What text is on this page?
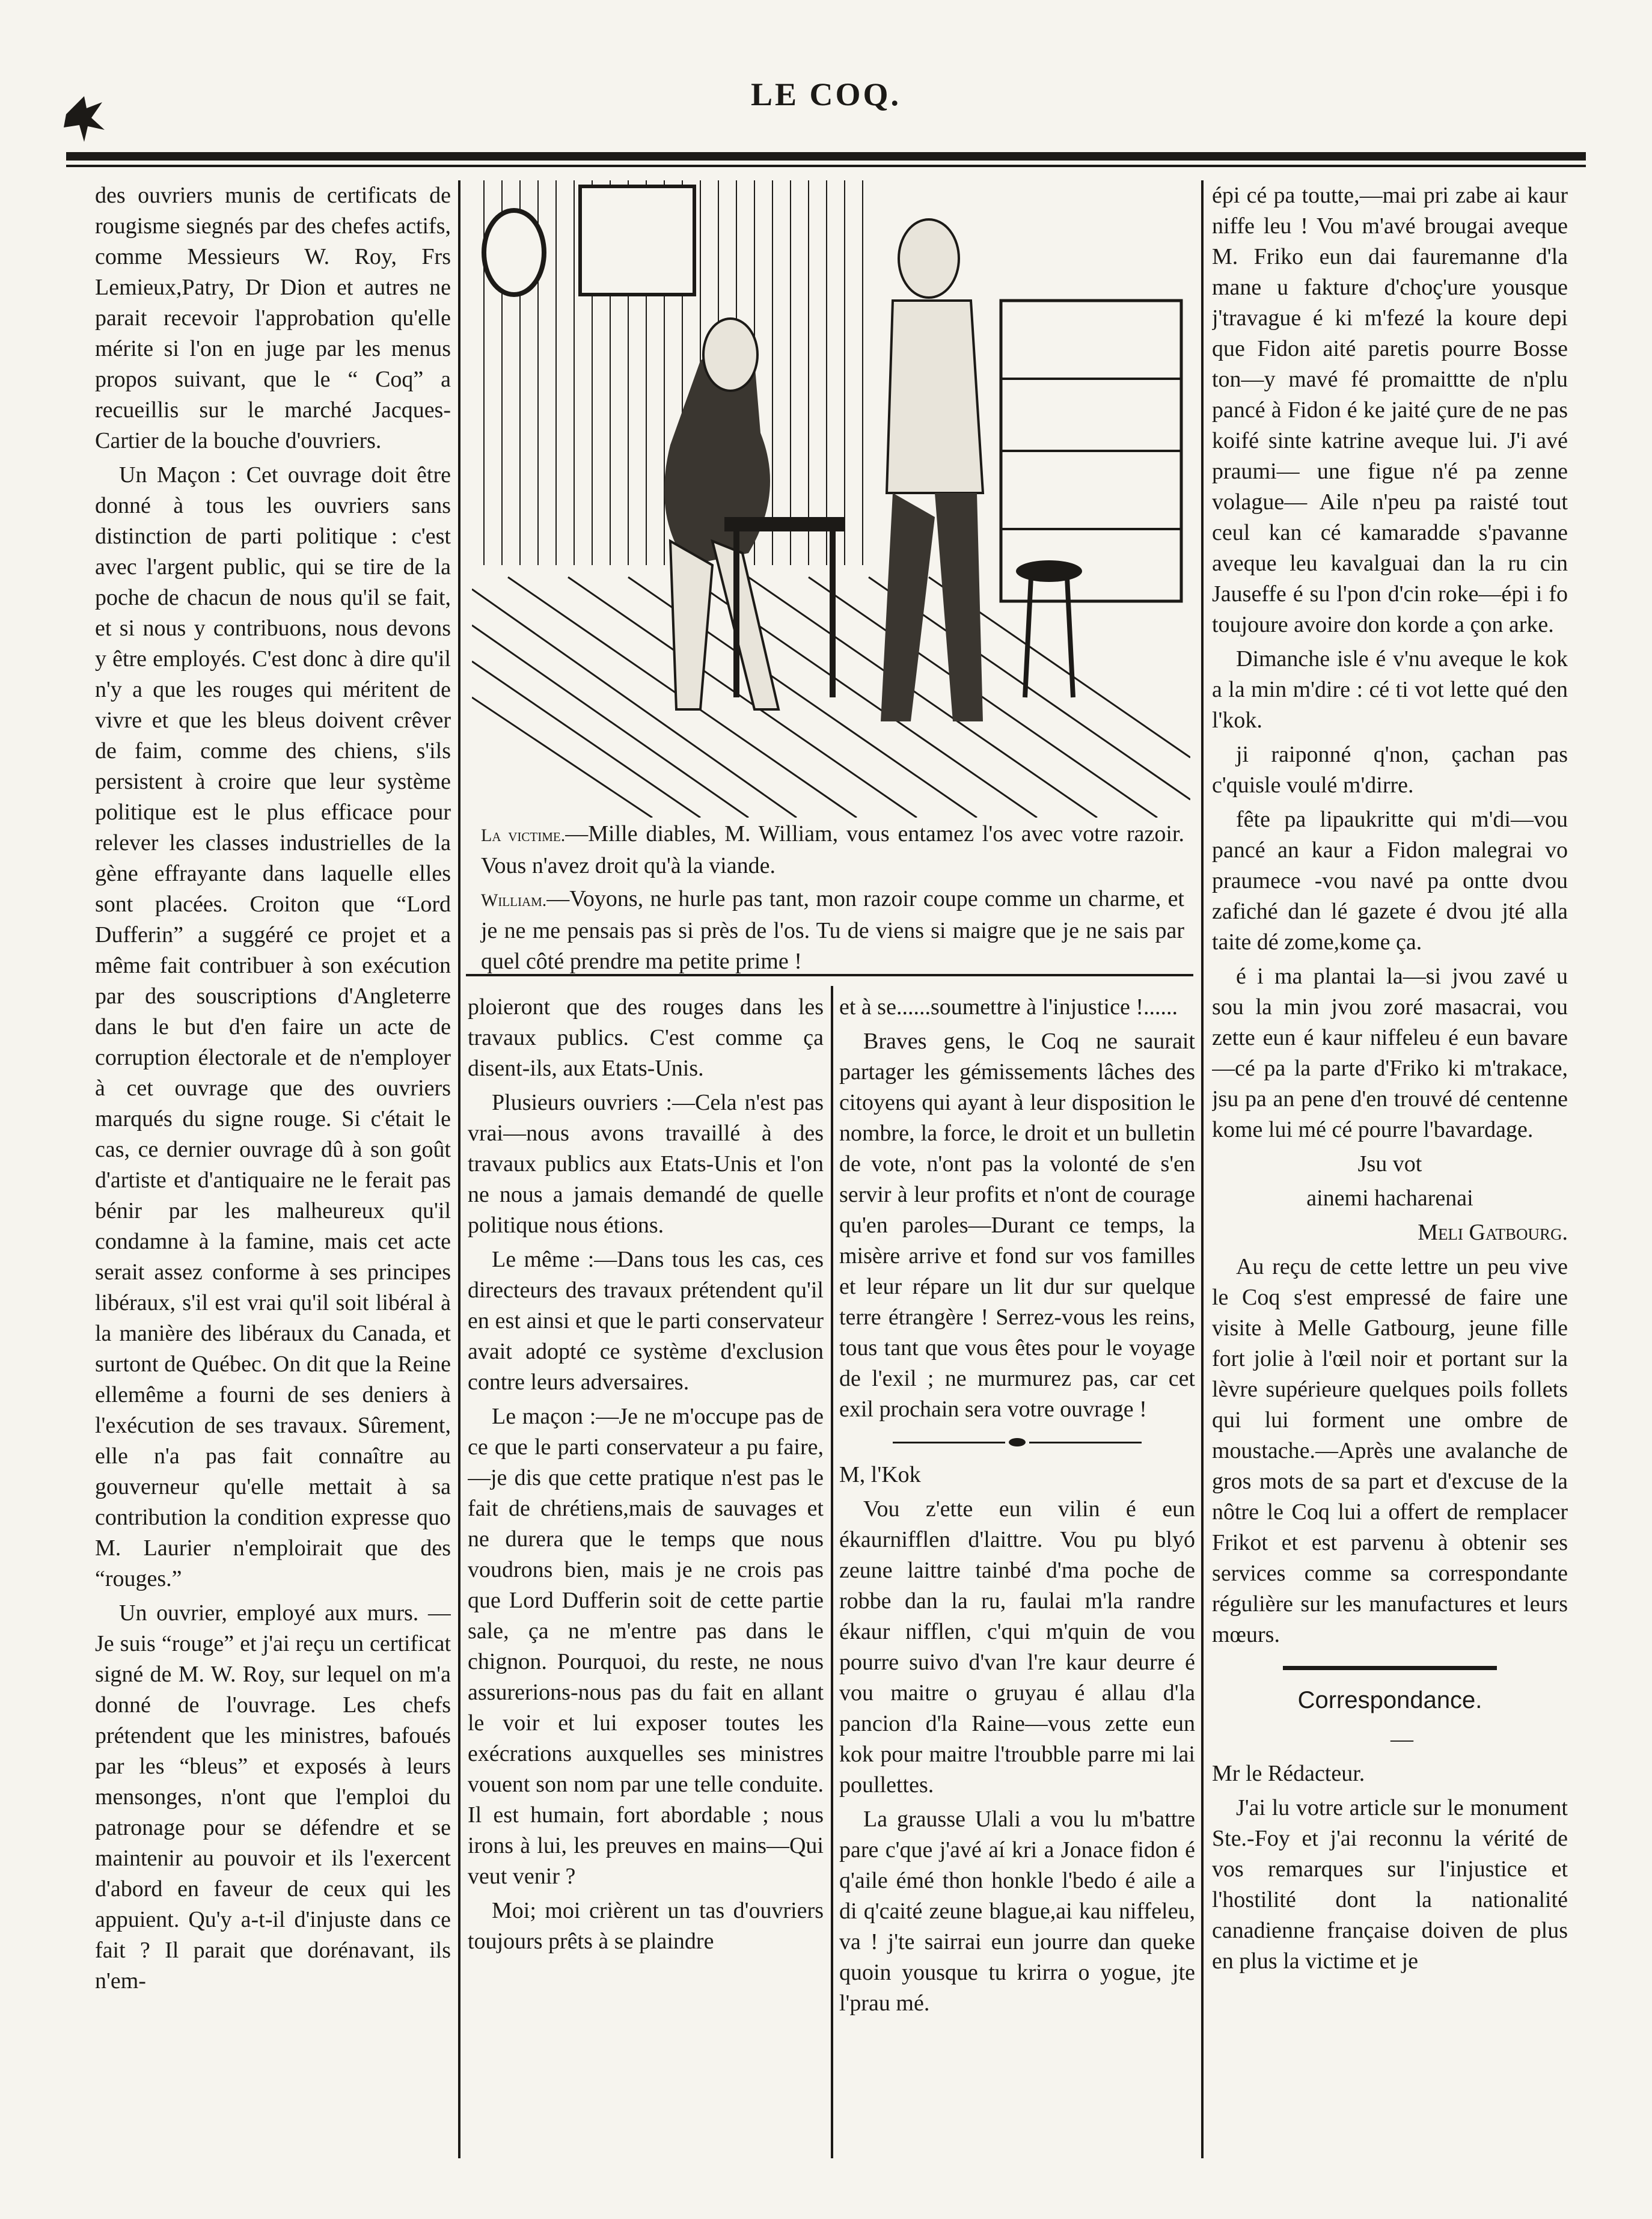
LE COQ.

des ouvriers munis de certificats de rougisme siegnés par des chefes actifs, comme Messieurs W. Roy, Frs Lemieux,Patry, Dr Dion et autres ne parait recevoir l'approbation qu'elle mérite si l'on en juge par les menus propos suivant, que le “ Coq” a recueillis sur le marché Jacques-Cartier de la bouche d'ouvriers.

Un Maçon : Cet ouvrage doit être donné à tous les ouvriers sans distinction de parti politique : c'est avec l'argent public, qui se tire de la poche de chacun de nous qu'il se fait, et si nous y contribuons, nous devons y être employés. C'est donc à dire qu'il n'y a que les rouges qui méritent de vivre et que les bleus doivent crêver de faim, comme des chiens, s'ils persistent à croire que leur système politique est le plus efficace pour relever les classes industrielles de la gène effrayante dans laquelle elles sont placées. Croiton que “Lord Dufferin” a suggéré ce projet et a même fait contribuer à son exécution par des souscriptions d'Angleterre dans le but d'en faire un acte de corruption électorale et de n'employer à cet ouvrage que des ouvriers marqués du signe rouge. Si c'était le cas, ce dernier ouvrage dû à son goût d'artiste et d'antiquaire ne le ferait pas bénir par les malheureux qu'il condamne à la famine, mais cet acte serait assez conforme à ses principes libéraux, s'il est vrai qu'il soit libéral à la manière des libéraux du Canada, et surtont de Québec. On dit que la Reine ellemême a fourni de ses deniers à l'exécution de ses travaux. Sûrement, elle n'a pas fait connaître au gouverneur qu'elle mettait à sa contribution la condition expresse quo M. Laurier n'emploirait que des “rouges.”

Un ouvrier, employé aux murs. —Je suis “rouge” et j'ai reçu un certificat signé de M. W. Roy, sur lequel on m'a donné de l'ouvrage. Les chefs prétendent que les ministres, bafoués par les “bleus” et exposés à leurs mensonges, n'ont que l'emploi du patronage pour se défendre et se maintenir au pouvoir et ils l'exercent d'abord en faveur de ceux qui les appuient. Qu'y a-t-il d'injuste dans ce fait ? Il parait que dorénavant, ils n'em-

La victime.—Mille diables, M. William, vous entamez l'os avec votre razoir. Vous n'avez droit qu'à la viande.

William.—Voyons, ne hurle pas tant, mon razoir coupe comme un charme, et je ne me pensais pas si près de l'os. Tu de viens si maigre que je ne sais par quel côté prendre ma petite prime !

ploieront que des rouges dans les travaux publics. C'est comme ça disent-ils, aux Etats-Unis.

Plusieurs ouvriers :—Cela n'est pas vrai—nous avons travaillé à des travaux publics aux Etats-Unis et l'on ne nous a jamais demandé de quelle politique nous étions.

Le même :—Dans tous les cas, ces directeurs des travaux prétendent qu'il en est ainsi et que le parti conservateur avait adopté ce système d'exclusion contre leurs adversaires.

Le maçon :—Je ne m'occupe pas de ce que le parti conservateur a pu faire,—je dis que cette pratique n'est pas le fait de chrétiens,mais de sauvages et ne durera que le temps que nous voudrons bien, mais je ne crois pas que Lord Dufferin soit de cette partie sale, ça ne m'entre pas dans le chignon. Pourquoi, du reste, ne nous assurerions-nous pas du fait en allant le voir et lui exposer toutes les exécrations auxquelles ses ministres vouent son nom par une telle conduite. Il est humain, fort abordable ; nous irons à lui, les preuves en mains—Qui veut venir ?

Moi; moi crièrent un tas d'ouvriers toujours prêts à se plaindre

et à se......soumettre à l'injustice !......

Braves gens, le Coq ne saurait partager les gémissements lâches des citoyens qui ayant à leur disposition le nombre, la force, le droit et un bulletin de vote, n'ont pas la volonté de s'en servir à leur profits et n'ont de courage qu'en paroles—Durant ce temps, la misère arrive et fond sur vos familles et leur répare un lit dur sur quelque terre étrangère ! Serrez-vous les reins, tous tant que vous êtes pour le voyage de l'exil ; ne murmurez pas, car cet exil prochain sera votre ouvrage !

M, l'Kok

Vou z'ette eun vilin é eun ékaurnifflen d'laittre. Vou pu blyó zeune laittre tainbé d'ma poche de robbe dan la ru, faulai m'la randre ékaur nifflen, c'qui m'quin de vou pourre suivo d'van l're kaur deurre é vou maitre o gruyau é allau d'la pancion d'la Raine—vous zette eun kok pour maitre l'troubble parre mi lai poullettes.

La grausse Ulali a vou lu m'battre pare c'que j'avé aí kri a Jonace fidon é q'aile émé thon honkle l'bedo é aile a di q'caité zeune blague,ai kau niffeleu, va ! j'te sairrai eun jourre dan queke quoin yousque tu krirra o yogue, jte l'prau mé.

épi cé pa toutte,—mai pri zabe ai kaur niffe leu ! Vou m'avé brougai aveque M. Friko eun dai fauremanne d'la mane u fakture d'choç'ure yousque j'travague é ki m'fezé la koure depi que Fidon aité paretis pourre Bosse ton—y mavé fé promaittte de n'plu pancé à Fidon é ke jaité çure de ne pas koifé sinte katrine aveque lui. J'i avé praumi— une figue n'é pa zenne volague— Aile n'peu pa raisté tout ceul kan cé kamaradde s'pavanne aveque leu kavalguai dan la ru cin Jauseffe é su l'pon d'cin roke—épi i fo toujoure avoire don korde a çon arke.

Dimanche isle é v'nu aveque le kok a la min m'dire : cé ti vot lette qué den l'kok.

ji raiponné q'non, çachan pas c'quisle voulé m'dirre.

fête pa lipaukritte qui m'di—vou pancé an kaur a Fidon malegrai vo praumece -vou navé pa ontte dvou zafiché dan lé gazete é dvou jté alla taite dé zome,kome ça.

é i ma plantai la—si jvou zavé u sou la min jvou zoré masacrai, vou zette eun é kaur niffeleu é eun bavare—cé pa la parte d'Friko ki m'trakace, jsu pa an pene d'en trouvé dé centenne kome lui mé cé pourre l'bavardage.

Jsu vot

ainemi hacharenai

Meli Gatbourg.

Au reçu de cette lettre un peu vive le Coq s'est empressé de faire une visite à Melle Gatbourg, jeune fille fort jolie à l'œil noir et portant sur la lèvre supérieure quelques poils follets qui lui forment une ombre de moustache.—Après une avalanche de gros mots de sa part et d'excuse de la nôtre le Coq lui a offert de remplacer Frikot et est parvenu à obtenir ses services comme sa correspondante régulière sur les manufactures et leurs mœurs.

Correspondance.

—

Mr le Rédacteur.

J'ai lu votre article sur le monument Ste.-Foy et j'ai reconnu la vérité de vos remarques sur l'injustice et l'hostilité dont la nationalité canadienne française doiven de plus en plus la victime et je
